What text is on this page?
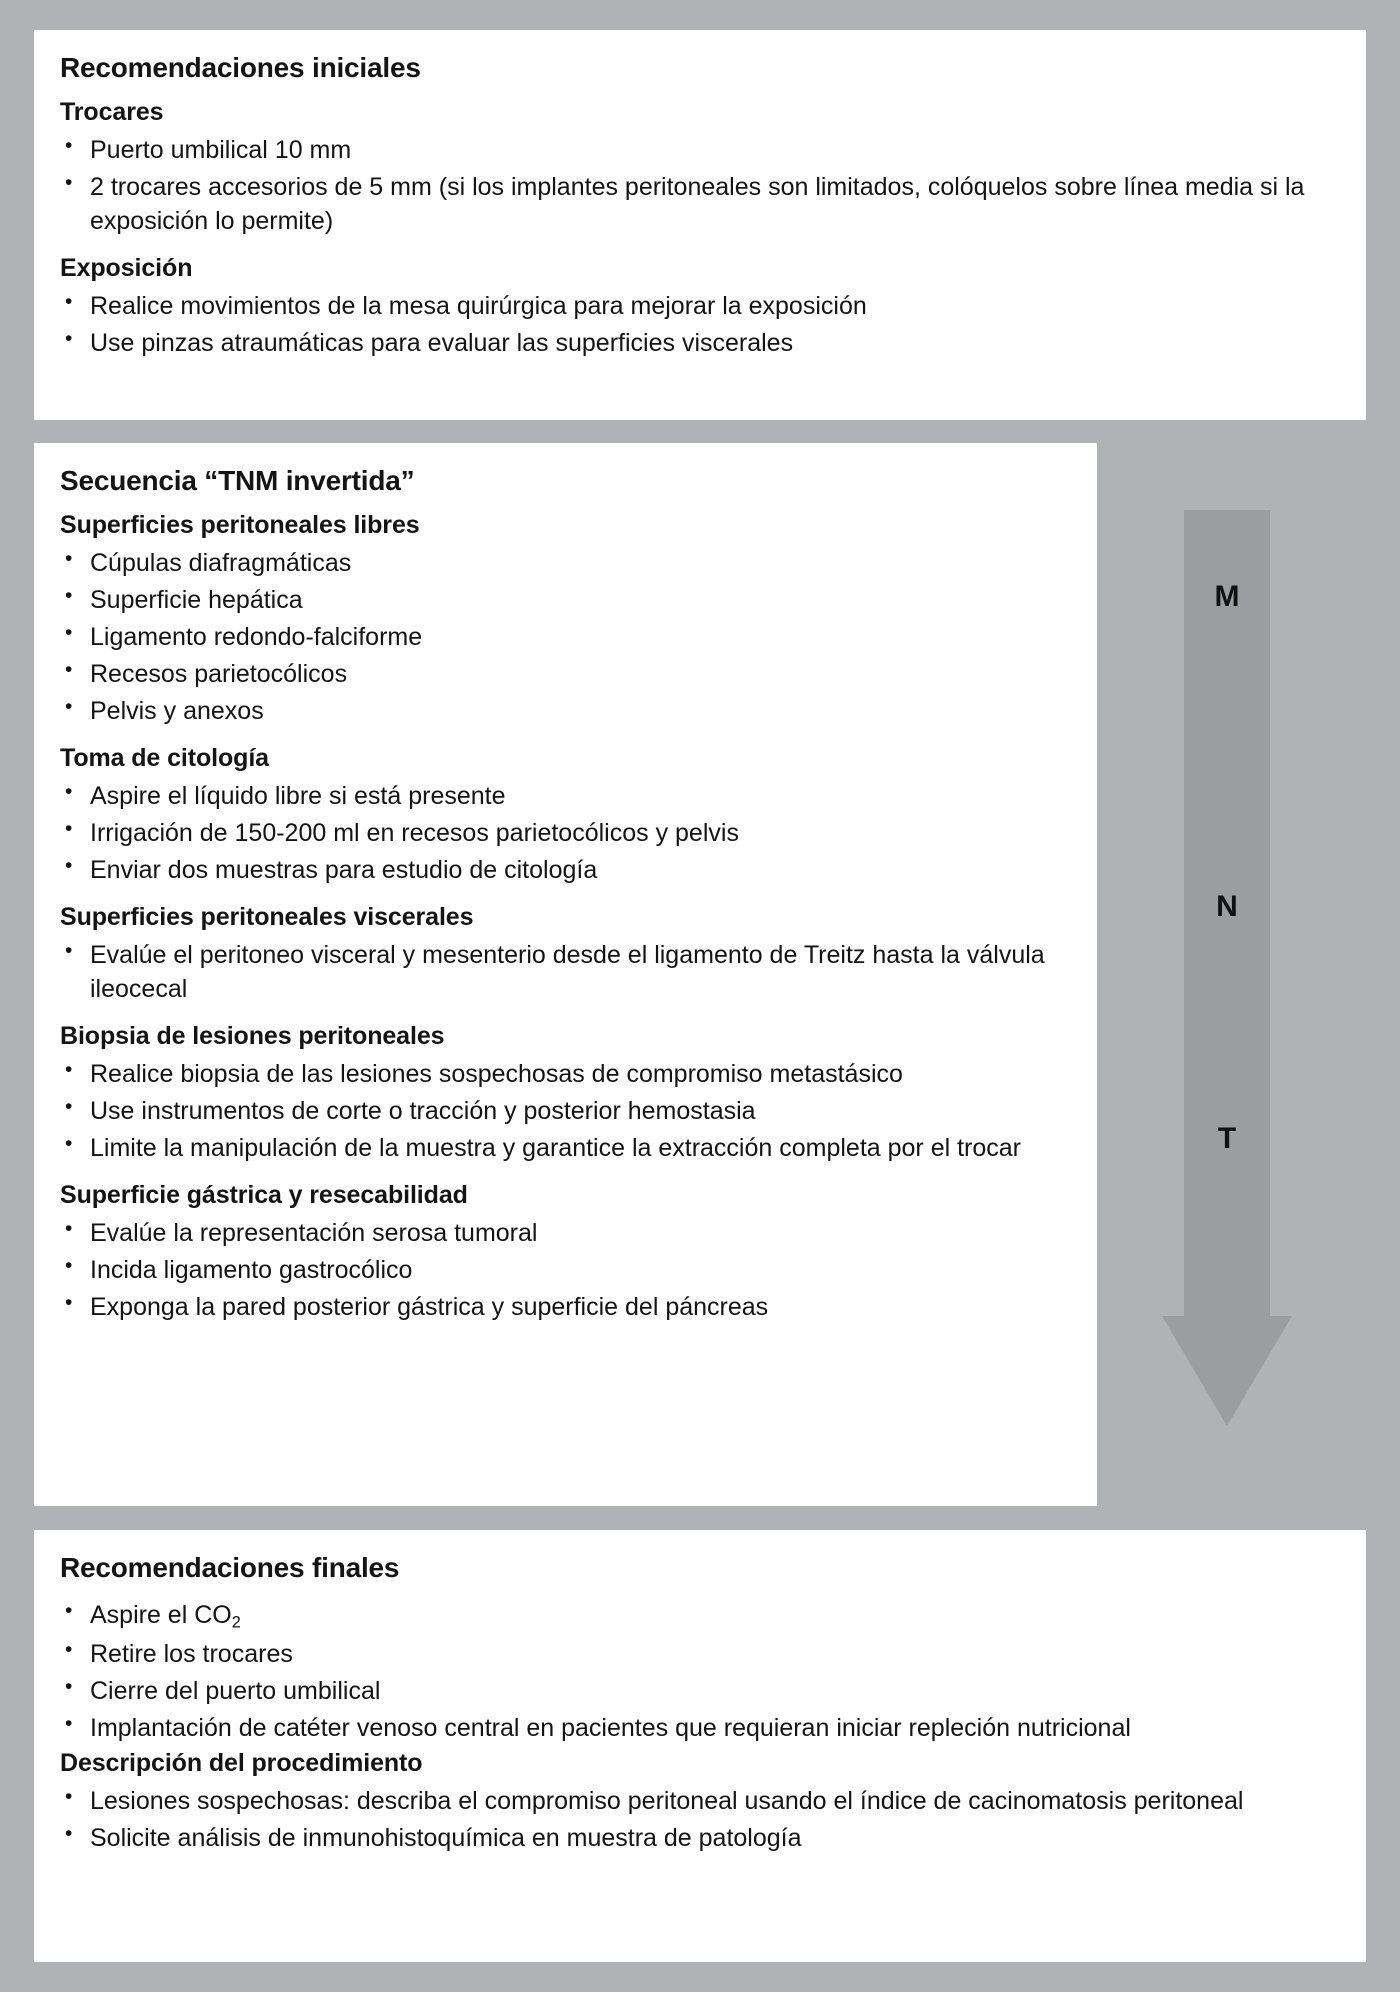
Recomendaciones iniciales
Trocares
• Puerto umbilical 10 mm
• 2 trocares accesorios de 5 mm (si los implantes peritoneales son limitados, colóquelos sobre línea media si la exposición lo permite)
Exposición
• Realice movimientos de la mesa quirúrgica para mejorar la exposición
• Use pinzas atraumáticas para evaluar las superficies viscerales
Secuencia “TNM invertida”
Superficies peritoneales libres
• Cúpulas diafragmáticas
• Superficie hepática
• Ligamento redondo-falciforme
• Recesos parietocólicos
• Pelvis y anexos
Toma de citología
• Aspire el líquido libre si está presente
• Irrigación de 150-200 ml en recesos parietocólicos y pelvis
• Enviar dos muestras para estudio de citología
Superficies peritoneales viscerales
• Evalúe el peritoneo visceral y mesenterio desde el ligamento de Treitz hasta la válvula ileocecal
Biopsia de lesiones peritoneales
• Realice biopsia de las lesiones sospechosas de compromiso metastásico
• Use instrumentos de corte o tracción y posterior hemostasia
• Limite la manipulación de la muestra y garantice la extracción completa por el trocar
Superficie gástrica y resecabilidad
• Evalúe la representación serosa tumoral
• Incida ligamento gastrocólico
• Exponga la pared posterior gástrica y superficie del páncreas
M
N
T
Recomendaciones finales
• Aspire el $CO_2$
• Retire los trocares
• Cierre del puerto umbilical
• Implantación de catéter venoso central en pacientes que requieran iniciar repleción nutricional
Descripción del procedimiento
• Lesiones sospechosas: describa el compromiso peritoneal usando el índice de cacinomatosis peritoneal
• Solicite análisis de inmunohistoquímica en muestra de patología
